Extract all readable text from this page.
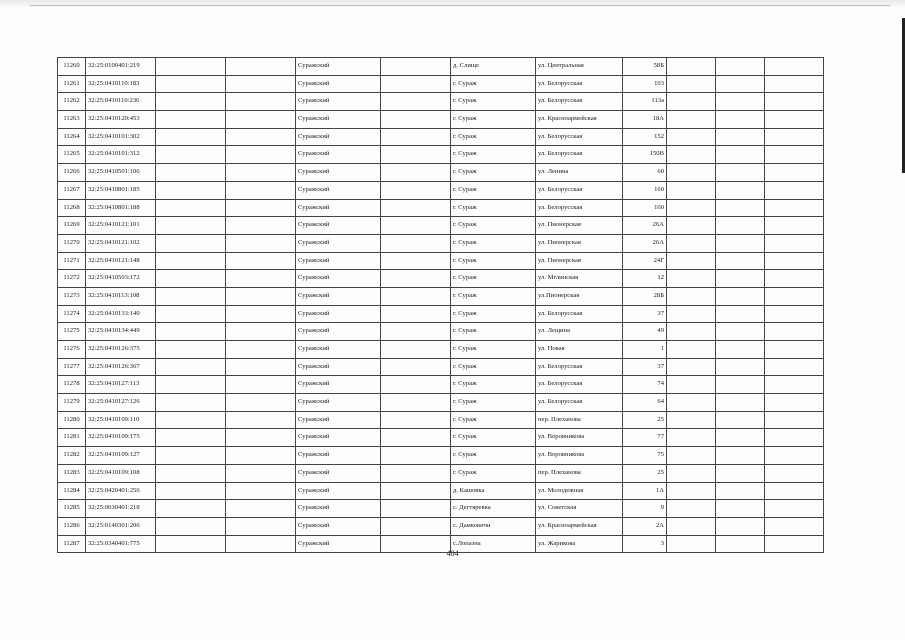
11260	32:25:0100401:219			Суражский		д. Слище	ул. Центральная	58Б			
11261	32:25:0410110:183			Суражский		г. Сураж	ул. Белорусская	103			
11262	32:25:0410110:236			Суражский		г. Сураж	ул. Белорусская	113а			
11263	32:25:0410120:453			Суражский		г. Сураж	ул. Красноармейская	18А			
11264	32:25:0410101:302			Суражский		г. Сураж	ул. Белорусская	152			
11265	32:25:0410101:312			Суражский		г. Сураж	ул. Белорусская	150В			
11266	32:25:0410501:106			Суражский		г. Сураж	ул. Ленина	60			
11267	32:25:0410801:185			Суражский		г. Сураж	ул. Белорусская	160			
11268	32:25:0410801:188			Суражский		г. Сураж	ул. Белорусская	160			
11269	32:25:0410121:101			Суражский		г. Сураж	ул. Пионерская	26А			
11270	32:25:0410121:102			Суражский		г. Сураж	ул. Пионерская	26А			
11271	32:25:0410121:148			Суражский		г. Сураж	ул. Пионерская	24Г			
11272	32:25:0410503:172			Суражский		г. Сураж	ул. Мглинская	12			
11273	32:25:0410113:108			Суражский		г. Сураж	ул.Пионерская	28Б			
11274	32:25:0410133:140			Суражский		г. Сураж	ул. Белорусская	37			
11275	32:25:0410134:449			Суражский		г. Сураж	ул. Лещина	49			
11276	32:25:0410126:375			Суражский		г. Сураж	ул. Новая	1			
11277	32:25:0410126:367			Суражский		г. Сураж	ул. Белорусская	37			
11278	32:25:0410127:113			Суражский		г. Сураж	ул. Белорусская	74			
11279	32:25:0410127:126			Суражский		г. Сураж	ул. Белорусская	64			
11280	32:25:0410109:110			Суражский		г. Сураж	пер. Плеханова	25			
11281	32:25:0410109:175			Суражский		г. Сураж	ул. Воровникова	77			
11282	32:25:0410109:127			Суражский		г. Сураж	ул. Воровникова	75			
11283	32:25:0410109:108			Суражский		г. Сураж	пер. Плеханова	25			
11284	32:25:0420401:256			Суражский		д. Кашовка	ул. Молодежная	1А			
11285	32:25:0030401:218			Суражский		с. Дегтяревка	ул. Советская	9			
11286	32:25:0140301:206			Суражский		с. Дамковичи	ул. Красноармейская	2А			
11287	32:25:0340401:775			Суражский		с.Лопазна	ул. Жарикова	3			
404
